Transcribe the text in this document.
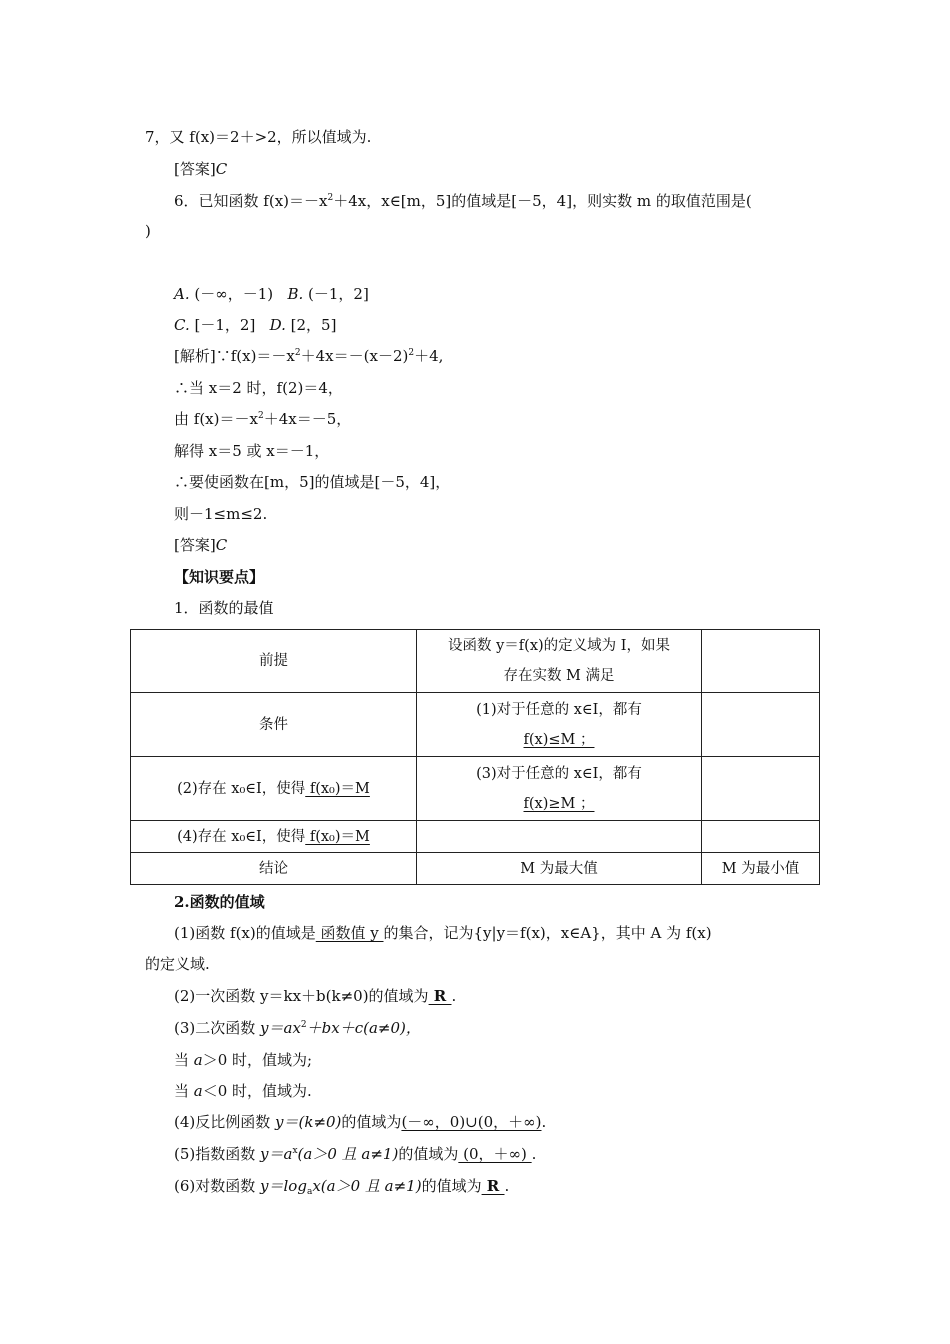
7，又 f(x)＝2＋>2，所以值域为.
[答案]C
6．已知函数 $f(x)=-x^2+4x$，x∈[m，5]的值域是[－5，4]，则实数 m 的取值范围是(
)
A. (－∞，－1) B. (－1，2]
C. [－1，2] D. [2，5]
[解析]$\because f(x)=-x^2+4x=-(x-2)^2+4$,
∴当 x＝2 时，f(2)＝4，
由 $f(x)=-x^2+4x=-5$，
解得 x＝5 或 x＝－1，
∴要使函数在[m，5]的值域是[－5，4]，
则－1≤m≤2.
[答案]C
【知识要点】
1．函数的最值
前提	设函数 y＝f(x)的定义域为 I，如果
存在实数 M 满足	

条件	(1)对于任意的 x∈I，都有
f(x)≤M ；	

(2)存在 x₀∈I，使得 f(x₀)＝M	(3)对于任意的 x∈I，都有
f(x)≥M ；	

(4)存在 x₀∈I，使得 f(x₀)＝M		
结论	M 为最大值	M 为最小值
2.函数的值域
(1)函数 f(x)的值域是 函数值 y 的集合，记为{y|y＝f(x)，x∈A}，其中 A 为 f(x)
的定义域.
(2)一次函数 y＝kx＋b(k≠0)的值域为 R .
(3)二次函数 $y=ax^2+bx+c(a\ne 0)$，
当 a＞0 时，值域为;
当 a＜0 时，值域为.
(4)反比例函数 y＝(k≠0)的值域为(－∞，0)∪(0，＋∞).
(5)指数函数 $y=a^x(a>0$ 且 a≠1)的值域为 (0，＋∞) .
(6)对数函数 $y=\log_ax(a>0$ 且 a≠1)的值域为 R .
